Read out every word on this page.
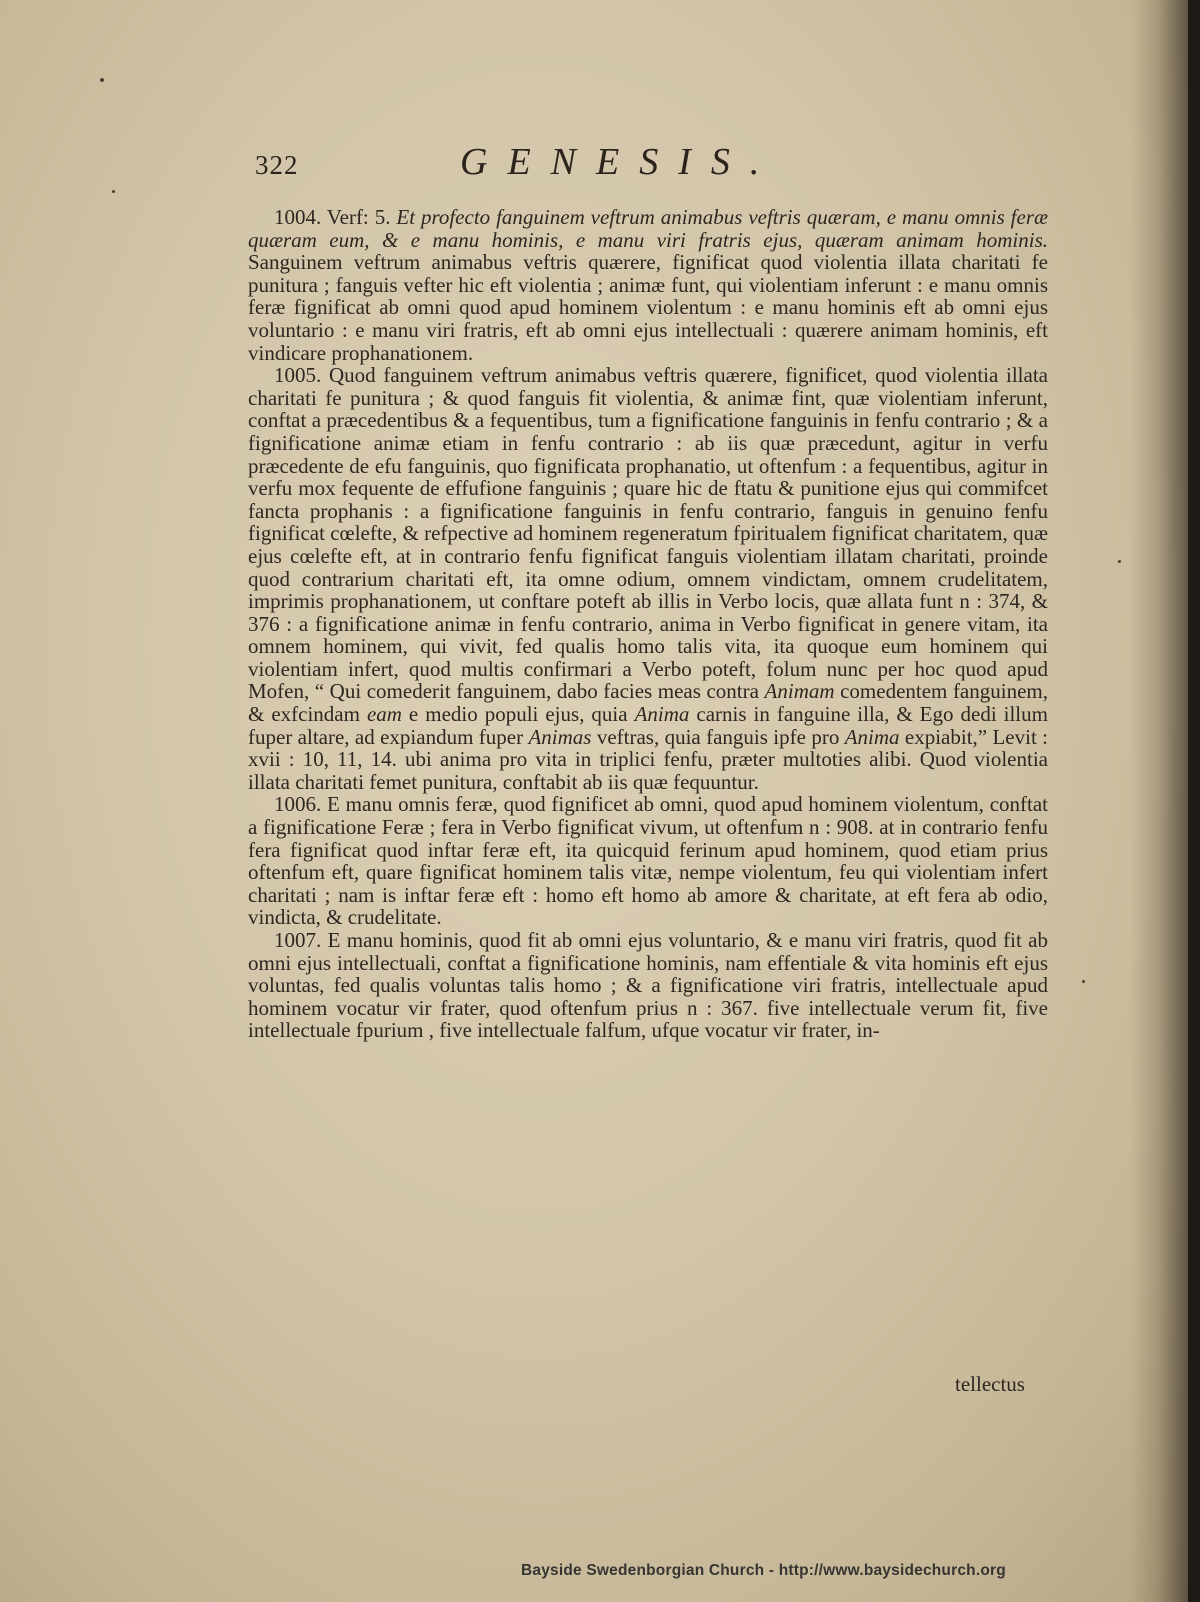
322	GENESIS.

1004. Verf: 5. Et profecto fanguinem veftrum animabus veftris quæram, e manu omnis feræ quæram eum, & e manu hominis, e manu viri fratris ejus, quæram animam hominis. Sanguinem veftrum animabus veftris quærere, fignificat quod violentia illata charitati fe punitura ; fanguis vefter hic eft violentia ; animæ funt, qui violentiam inferunt : e manu omnis feræ fignificat ab omni quod apud hominem violentum : e manu hominis eft ab omni ejus voluntario : e manu viri fratris, eft ab omni ejus intellectuali : quærere animam hominis, eft vindicare prophanationem.

1005. Quod fanguinem veftrum animabus veftris quærere, fignificet, quod violentia illata charitati fe punitura ; & quod fanguis fit violentia, & animæ fint, quæ violentiam inferunt, conftat a præcedentibus & a fequentibus, tum a fignificatione fanguinis in fenfu contrario ; & a fignificatione animæ etiam in fenfu contrario : ab iis quæ præcedunt, agitur in verfu præcedente de efu fanguinis, quo fignificata prophanatio, ut oftenfum : a fequentibus, agitur in verfu mox fequente de effufione fanguinis ; quare hic de ftatu & punitione ejus qui commifcet fancta prophanis : a fignificatione fanguinis in fenfu contrario, fanguis in genuino fenfu fignificat cœlefte, & refpective ad hominem regeneratum fpiritualem fignificat charitatem, quæ ejus cœlefte eft, at in contrario fenfu fignificat fanguis violentiam illatam charitati, proinde quod contrarium charitati eft, ita omne odium, omnem vindictam, omnem crudelitatem, imprimis prophanationem, ut conftare poteft ab illis in Verbo locis, quæ allata funt n : 374, & 376 : a fignificatione animæ in fenfu contrario, anima in Verbo fignificat in genere vitam, ita omnem hominem, qui vivit, fed qualis homo talis vita, ita quoque eum hominem qui violentiam infert, quod multis confirmari a Verbo poteft, folum nunc per hoc quod apud Mofen, “ Qui comederit fanguinem, dabo facies meas contra Animam comedentem fanguinem, & exfcindam eam e medio populi ejus, quia Anima carnis in fanguine illa, & Ego dedi illum fuper altare, ad expiandum fuper Animas veftras, quia fanguis ipfe pro Anima expiabit,” Levit : xvii : 10, 11, 14. ubi anima pro vita in triplici fenfu, præter multoties alibi. Quod violentia illata charitati femet punitura, conftabit ab iis quæ fequuntur.

1006. E manu omnis feræ, quod fignificet ab omni, quod apud hominem violentum, conftat a fignificatione Feræ ; fera in Verbo fignificat vivum, ut oftenfum n : 908. at in contrario fenfu fera fignificat quod inftar feræ eft, ita quicquid ferinum apud hominem, quod etiam prius oftenfum eft, quare fignificat hominem talis vitæ, nempe violentum, feu qui violentiam infert charitati ; nam is inftar feræ eft : homo eft homo ab amore & charitate, at eft fera ab odio, vindicta, & crudelitate.

1007. E manu hominis, quod fit ab omni ejus voluntario, & e manu viri fratris, quod fit ab omni ejus intellectuali, conftat a fignificatione hominis, nam effentiale & vita hominis eft ejus voluntas, fed qualis voluntas talis homo ; & a fignificatione viri fratris, intellectuale apud hominem vocatur vir frater, quod oftenfum prius n : 367. five intellectuale verum fit, five intellectuale fpurium , five intellectuale falfum, ufque vocatur vir frater, in-

tellectus
Bayside Swedenborgian Church - http://www.baysidechurch.org
